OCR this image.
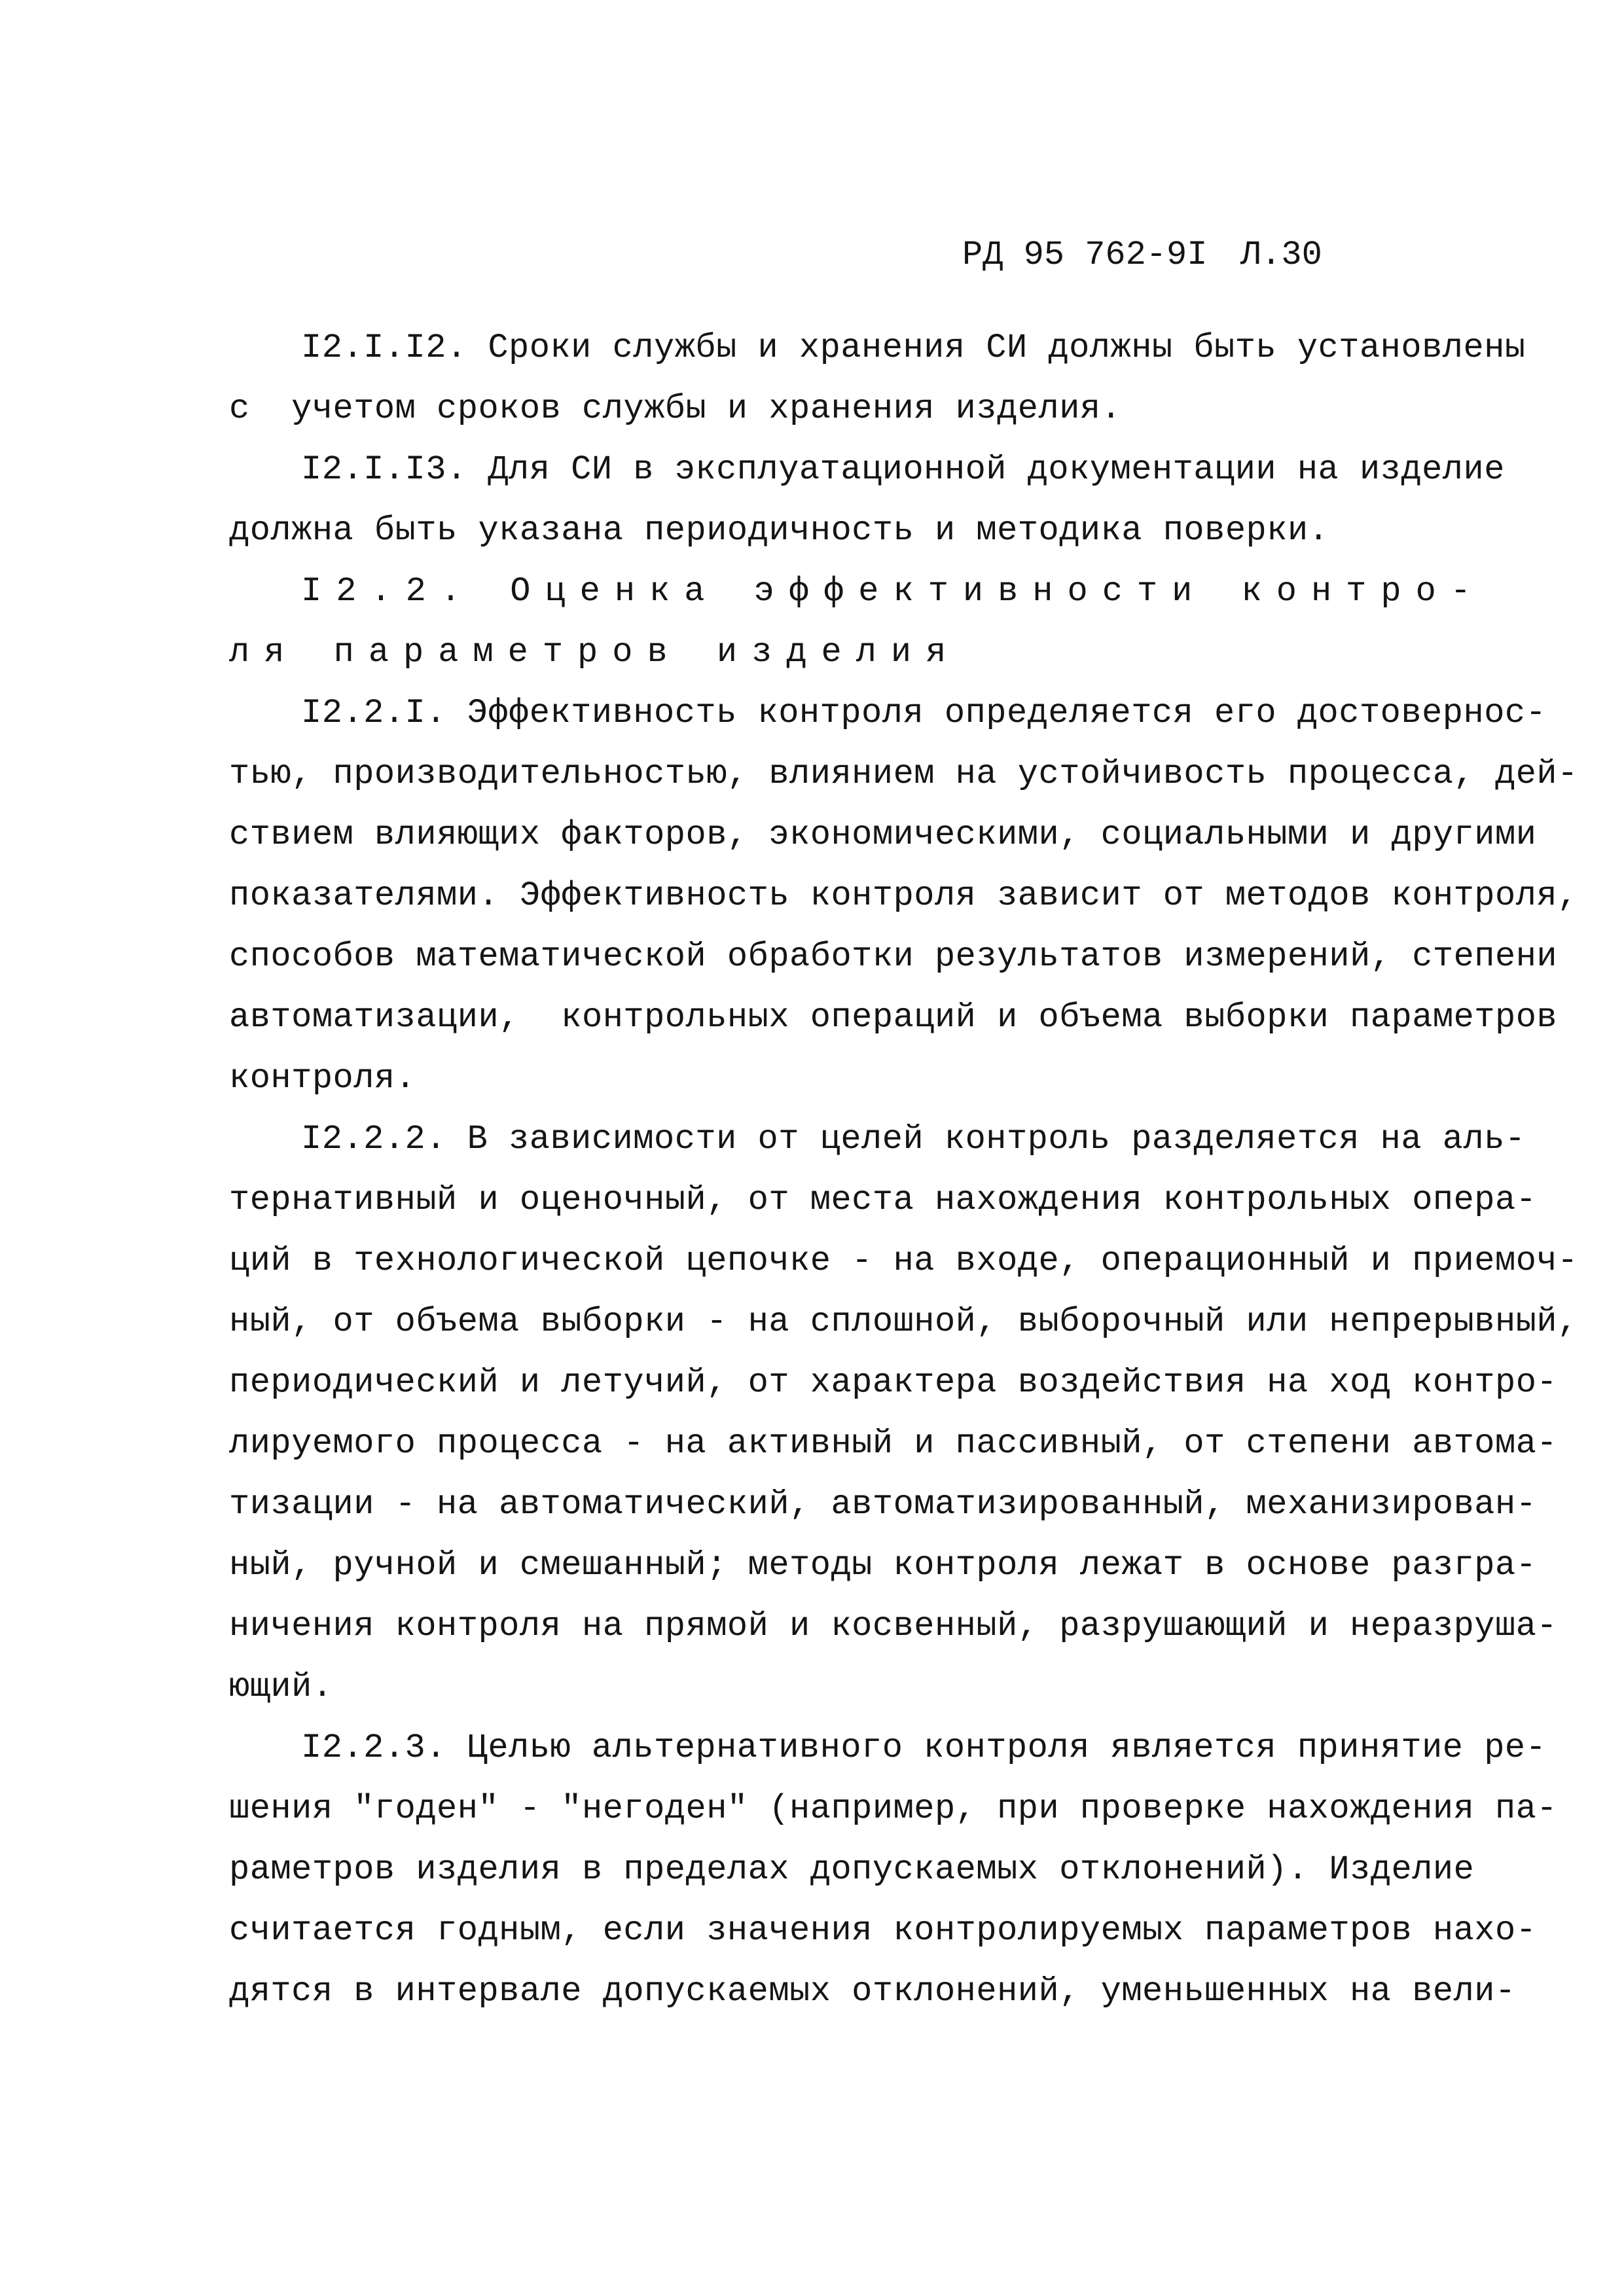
РД 95 762-9I Л.30
I2.I.I2. Сроки службы и хранения СИ должны быть установлены
с  учетом сроков службы и хранения изделия.
I2.I.I3. Для СИ в эксплуатационной документации на изделие
должна быть указана периодичность и методика поверки.
I2.2. Оценка эффективности контро-
ля параметров изделия
I2.2.I. Эффективность контроля определяется его достовернос-
тью, производительностью, влиянием на устойчивость процесса, дей-
ствием влияющих факторов, экономическими, социальными и другими
показателями. Эффективность контроля зависит от методов контроля,
способов математической обработки результатов измерений, степени
автоматизации,  контрольных операций и объема выборки параметров
контроля.
I2.2.2. В зависимости от целей контроль разделяется на аль-
тернативный и оценочный, от места нахождения контрольных опера-
ций в технологической цепочке - на входе, операционный и приемоч-
ный, от объема выборки - на сплошной, выборочный или непрерывный,
периодический и летучий, от характера воздействия на ход контро-
лируемого процесса - на активный и пассивный, от степени автома-
тизации - на автоматический, автоматизированный, механизирован-
ный, ручной и смешанный; методы контроля лежат в основе разгра-
ничения контроля на прямой и косвенный, разрушающий и неразруша-
ющий.
I2.2.3. Целью альтернативного контроля является принятие ре-
шения "годен" - "негоден" (например, при проверке нахождения па-
раметров изделия в пределах допускаемых отклонений). Изделие
считается годным, если значения контролируемых параметров нахо-
дятся в интервале допускаемых отклонений, уменьшенных на вели-
